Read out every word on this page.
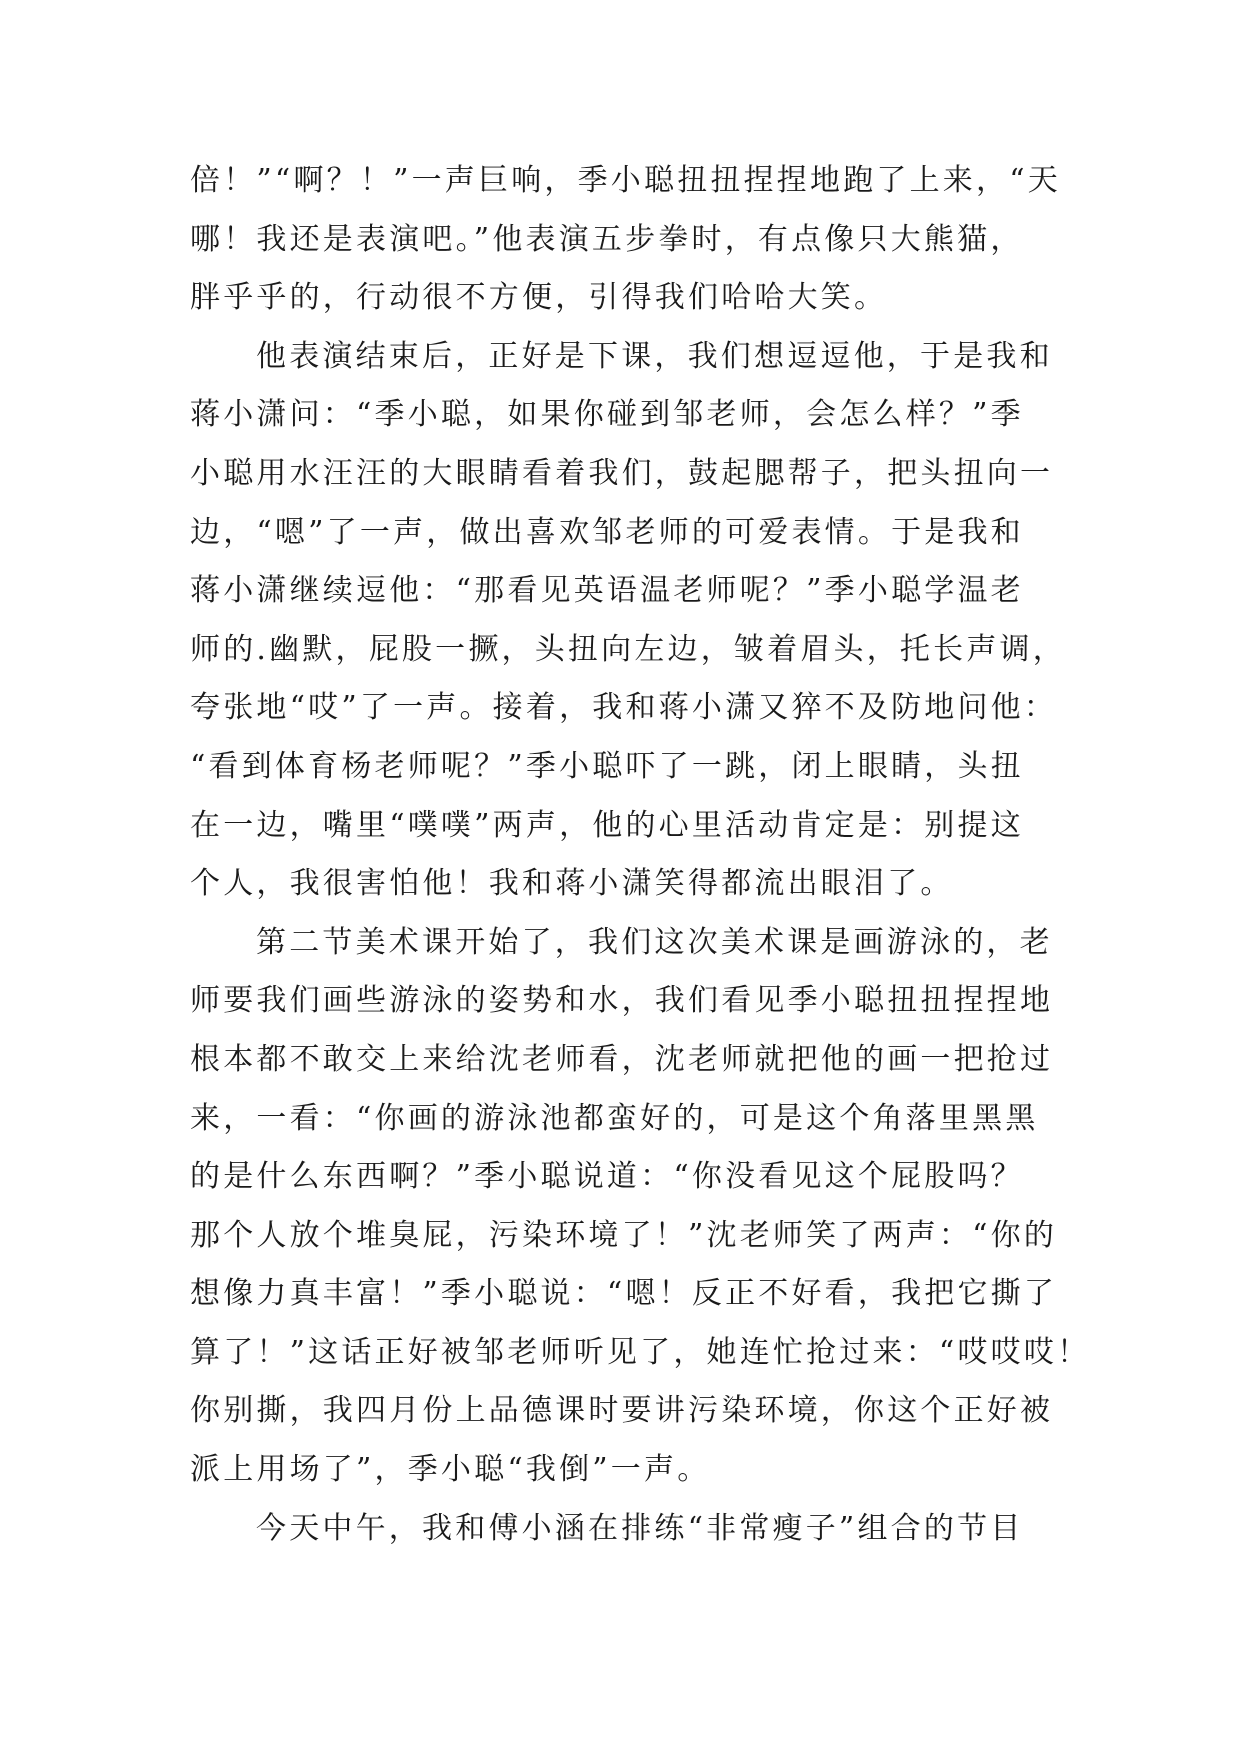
倍！”“啊？！”一声巨响，季小聪扭扭捏捏地跑了上来，“天
哪！我还是表演吧。”他表演五步拳时，有点像只大熊猫，
胖乎乎的，行动很不方便，引得我们哈哈大笑。
他表演结束后，正好是下课，我们想逗逗他，于是我和
蒋小潇问：“季小聪，如果你碰到邹老师，会怎么样？”季
小聪用水汪汪的大眼睛看着我们，鼓起腮帮子，把头扭向一
边，“嗯”了一声，做出喜欢邹老师的可爱表情。于是我和
蒋小潇继续逗他：“那看见英语温老师呢？”季小聪学温老
师的.幽默，屁股一撅，头扭向左边，皱着眉头，托长声调，
夸张地“哎”了一声。接着，我和蒋小潇又猝不及防地问他：
“看到体育杨老师呢？”季小聪吓了一跳，闭上眼睛，头扭
在一边，嘴里“噗噗”两声，他的心里活动肯定是：别提这
个人，我很害怕他！我和蒋小潇笑得都流出眼泪了。
第二节美术课开始了，我们这次美术课是画游泳的，老
师要我们画些游泳的姿势和水，我们看见季小聪扭扭捏捏地
根本都不敢交上来给沈老师看，沈老师就把他的画一把抢过
来，一看：“你画的游泳池都蛮好的，可是这个角落里黑黑
的是什么东西啊？”季小聪说道：“你没看见这个屁股吗？
那个人放个堆臭屁，污染环境了！”沈老师笑了两声：“你的
想像力真丰富！”季小聪说：“嗯！反正不好看，我把它撕了
算了！”这话正好被邹老师听见了，她连忙抢过来：“哎哎哎！
你别撕，我四月份上品德课时要讲污染环境，你这个正好被
派上用场了”，季小聪“我倒”一声。
今天中午，我和傅小涵在排练“非常瘦子”组合的节目
